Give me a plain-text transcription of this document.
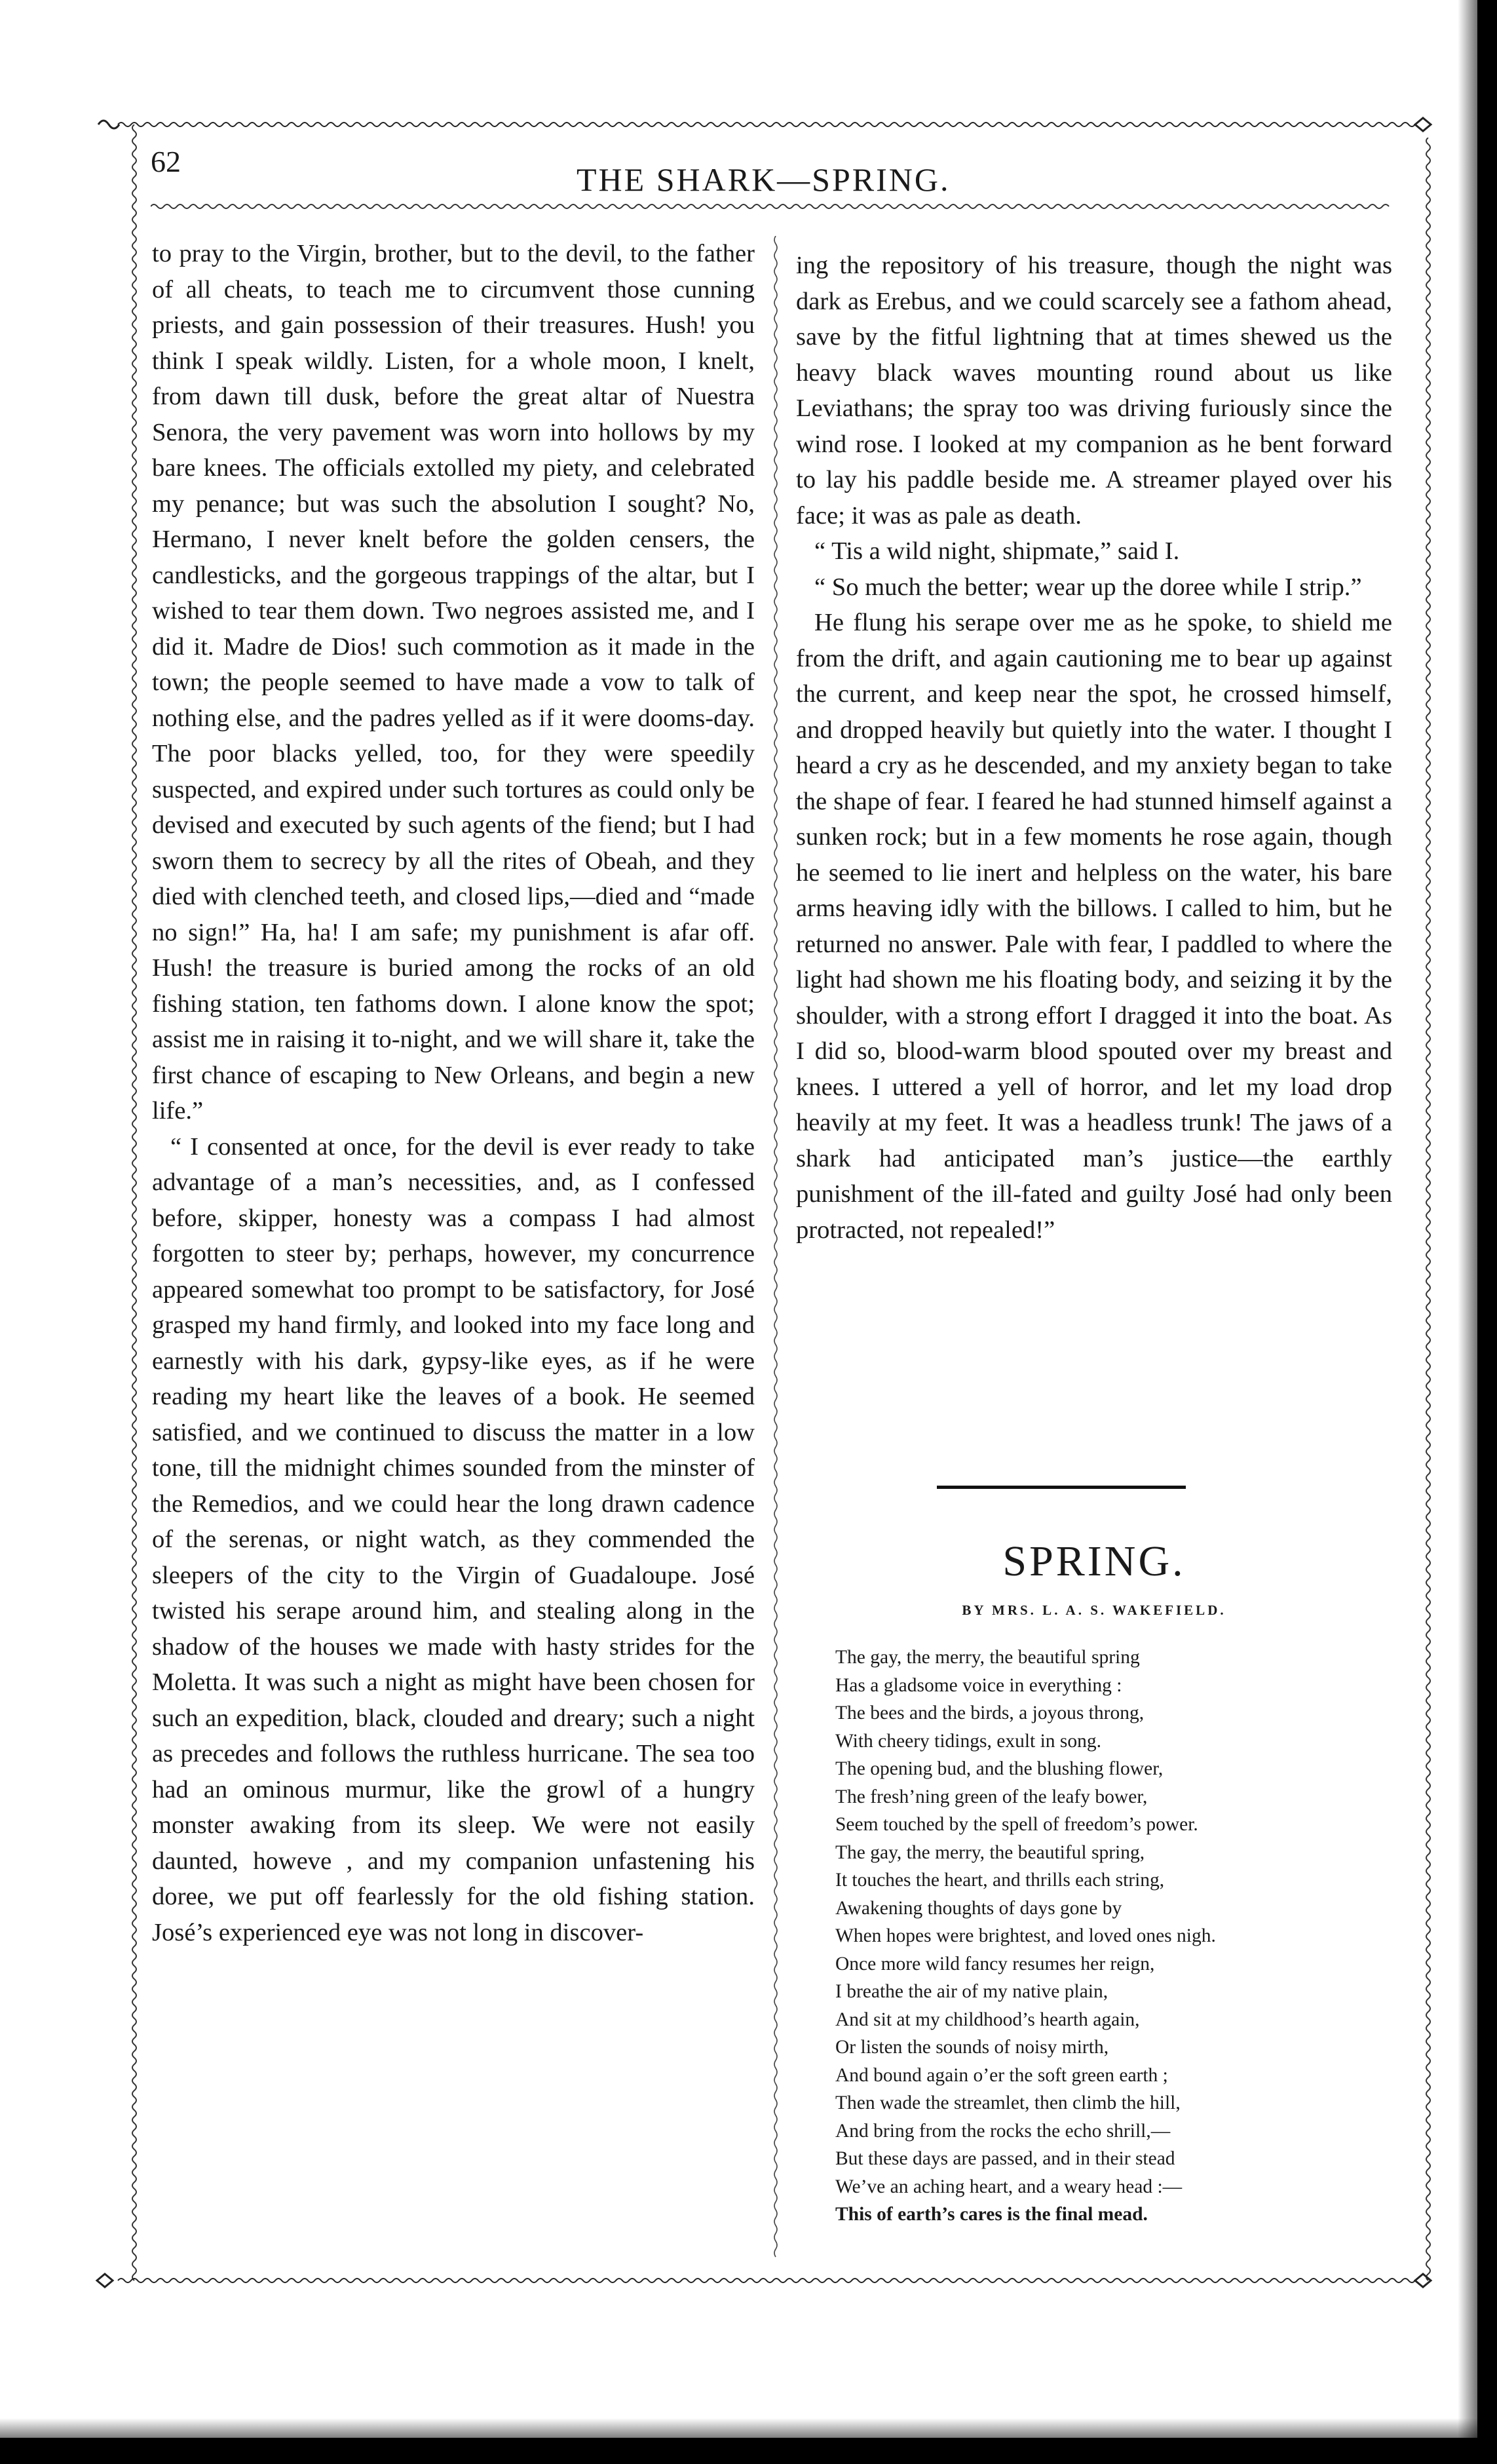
62	THE SHARK—SPRING.

to pray to the Virgin, brother, but to the devil, to the father of all cheats, to teach me to circumvent those cunning priests, and gain possession of their treasures. Hush! you think I speak wildly. Listen, for a whole moon, I knelt, from dawn till dusk, before the great altar of Nuestra Senora, the very pavement was worn into hollows by my bare knees. The officials extolled my piety, and celebrated my penance; but was such the absolution I sought? No, Hermano, I never knelt before the golden censers, the candlesticks, and the gorgeous trappings of the altar, but I wished to tear them down. Two negroes assisted me, and I did it. Madre de Dios! such commotion as it made in the town; the people seemed to have made a vow to talk of nothing else, and the padres yelled as if it were dooms-day. The poor blacks yelled, too, for they were speedily suspected, and expired under such tortures as could only be devised and executed by such agents of the fiend; but I had sworn them to secrecy by all the rites of Obeah, and they died with clenched teeth, and closed lips,—died and “made no sign!” Ha, ha! I am safe; my punishment is afar off. Hush! the treasure is buried among the rocks of an old fishing station, ten fathoms down. I alone know the spot; assist me in raising it to-night, and we will share it, take the first chance of escaping to New Orleans, and begin a new life.”

“ I consented at once, for the devil is ever ready to take advantage of a man’s necessities, and, as I confessed before, skipper, honesty was a compass I had almost forgotten to steer by; perhaps, however, my concurrence appeared somewhat too prompt to be satisfactory, for José grasped my hand firmly, and looked into my face long and earnestly with his dark, gypsy-like eyes, as if he were reading my heart like the leaves of a book. He seemed satisfied, and we continued to discuss the matter in a low tone, till the midnight chimes sounded from the minster of the Remedios, and we could hear the long drawn cadence of the serenas, or night watch, as they commended the sleepers of the city to the Virgin of Guadaloupe. José twisted his serape around him, and stealing along in the shadow of the houses we made with hasty strides for the Moletta. It was such a night as might have been chosen for such an expedition, black, clouded and dreary; such a night as precedes and follows the ruthless hurricane. The sea too had an ominous murmur, like the growl of a hungry monster awaking from its sleep. We were not easily daunted, howeve , and my companion unfastening his doree, we put off fearlessly for the old fishing station. José’s experienced eye was not long in discover-

ing the repository of his treasure, though the night was dark as Erebus, and we could scarcely see a fathom ahead, save by the fitful lightning that at times shewed us the heavy black waves mounting round about us like Leviathans; the spray too was driving furiously since the wind rose. I looked at my companion as he bent forward to lay his paddle beside me. A streamer played over his face; it was as pale as death.

“ Tis a wild night, shipmate,” said I.

“ So much the better; wear up the doree while I strip.”

He flung his serape over me as he spoke, to shield me from the drift, and again cautioning me to bear up against the current, and keep near the spot, he crossed himself, and dropped heavily but quietly into the water. I thought I heard a cry as he descended, and my anxiety began to take the shape of fear. I feared he had stunned himself against a sunken rock; but in a few moments he rose again, though he seemed to lie inert and helpless on the water, his bare arms heaving idly with the billows. I called to him, but he returned no answer. Pale with fear, I paddled to where the light had shown me his floating body, and seizing it by the shoulder, with a strong effort I dragged it into the boat. As I did so, blood-warm blood spouted over my breast and knees. I uttered a yell of horror, and let my load drop heavily at my feet. It was a headless trunk! The jaws of a shark had anticipated man’s justice—the earthly punishment of the ill-fated and guilty José had only been protracted, not repealed!”

SPRING.
BY MRS. L. A. S. WAKEFIELD.
The gay, the merry, the beautiful spring
Has a gladsome voice in everything :
The bees and the birds, a joyous throng,
With cheery tidings, exult in song.
The opening bud, and the blushing flower,
The fresh’ning green of the leafy bower,
Seem touched by the spell of freedom’s power.
The gay, the merry, the beautiful spring,
It touches the heart, and thrills each string,
Awakening thoughts of days gone by
When hopes were brightest, and loved ones nigh.
Once more wild fancy resumes her reign,
I breathe the air of my native plain,
And sit at my childhood’s hearth again,
Or listen the sounds of noisy mirth,
And bound again o’er the soft green earth ;
Then wade the streamlet, then climb the hill,
And bring from the rocks the echo shrill,—
But these days are passed, and in their stead
We’ve an aching heart, and a weary head :—
This of earth’s cares is the final mead.
